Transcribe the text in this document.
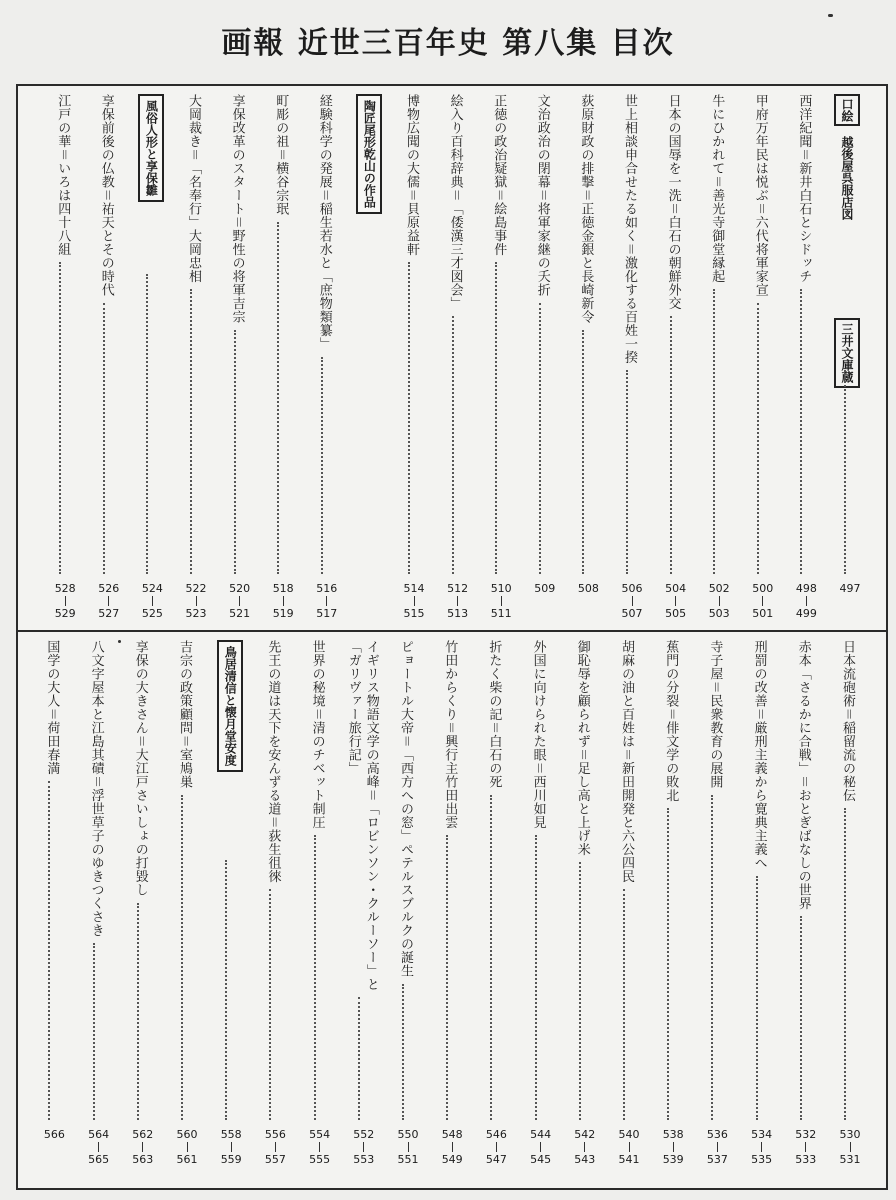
画報 近世三百年史 第八集 目次
口絵越後屋呉服店図
三井文庫蔵
497
西洋紀聞＝新井白石とシドッチ
498
499
甲府万年民は悦ぶ＝六代将軍家宣
500
501
牛にひかれて＝善光寺御堂縁起
502
503
日本の国辱を一洗＝白石の朝鮮外交
504
505
世上相談申合せたる如く＝激化する百姓一揆
506
507
荻原財政の排撃＝正徳金銀と長崎新令
508
文治政治の閉幕＝将軍家継の夭折
509
正徳の政治疑獄＝絵島事件
510
511
絵入り百科辞典＝「倭漢三才図会」
512
513
博物広聞の大儒＝貝原益軒
514
515
陶匠尾形乾山の作品
経験科学の発展＝稲生若水と「庶物類纂」
516
517
町彫の祖＝横谷宗珉
518
519
享保改革のスタート＝野性の将軍吉宗
520
521
大岡裁き＝「名奉行」大岡忠相
522
523
風俗人形と享保雛
524
525
享保前後の仏教＝祐天とその時代
526
527
江戸の華＝いろは四十八組
528
529
日本流砲術＝稲留流の秘伝
530
531
赤本「さるかに合戦」＝おとぎばなしの世界
532
533
刑罰の改善＝厳刑主義から寛典主義へ
534
535
寺子屋＝民衆教育の展開
536
537
蕉門の分裂＝俳文学の敗北
538
539
胡麻の油と百姓は＝新田開発と六公四民
540
541
御恥辱を顧られず＝足し高と上げ米
542
543
外国に向けられた眼＝西川如見
544
545
折たく柴の記＝白石の死
546
547
竹田からくり＝興行主竹田出雲
548
549
ピョートル大帝＝「西方への窓」ペテルスブルクの誕生
550
551
イギリス物語文学の高峰＝「ロビンソン・クルーソー」と
「ガリヴァー旅行記」
552
553
世界の秘境＝清のチベット制圧
554
555
先王の道は天下を安んずる道＝荻生徂徠
556
557
鳥居清信と懐月堂安度
558
559
吉宗の政策顧問＝室鳩巣
560
561
享保の大きさん＝大江戸さいしょの打毀し
562
563
八文字屋本と江島其磧＝浮世草子のゆきつくさき
564
565
国学の大人＝荷田春満
566
